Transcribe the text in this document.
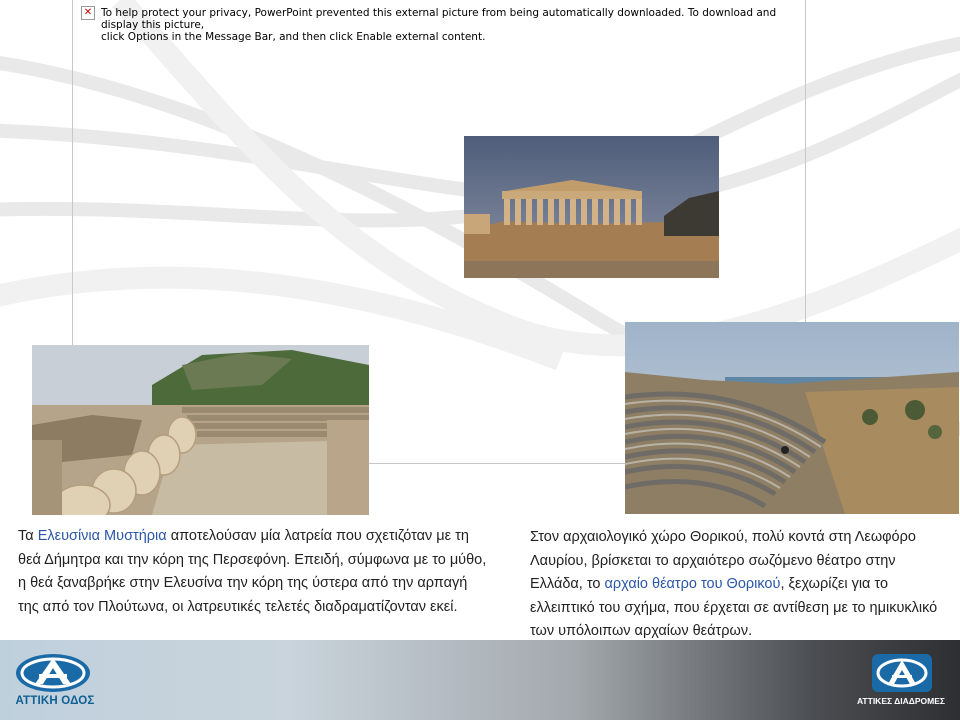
✕ To help protect your privacy, PowerPoint prevented this external picture from being automatically downloaded. To download and display this picture,
click Options in the Message Bar, and then click Enable external content.
Τα Ελευσίνια Μυστήρια αποτελούσαν μία λατρεία που σχετιζόταν με τη θεά Δήμητρα και την κόρη της Περσεφόνη. Επειδή, σύμφωνα με το μύθο, η θεά ξαναβρήκε στην Ελευσίνα την κόρη της ύστερα από την αρπαγή της από τον Πλούτωνα, οι λατρευτικές τελετές διαδραματίζονταν εκεί.
Στον αρχαιολογικό χώρο Θορικού, πολύ κοντά στη Λεωφόρο Λαυρίου, βρίσκεται το αρχαιότερο σωζόμενο θέατρο στην Ελλάδα, το αρχαίο θέατρο του Θορικού, ξεχωρίζει για το ελλειπτικό του σχήμα, που έρχεται σε αντίθεση με το ημικυκλικό των υπόλοιπων αρχαίων θεάτρων.
ΑΤΤΙΚΗ ΟΔΟΣ	ΑΤΤΙΚΕΣ ΔΙΑΔΡΟΜΕΣ
